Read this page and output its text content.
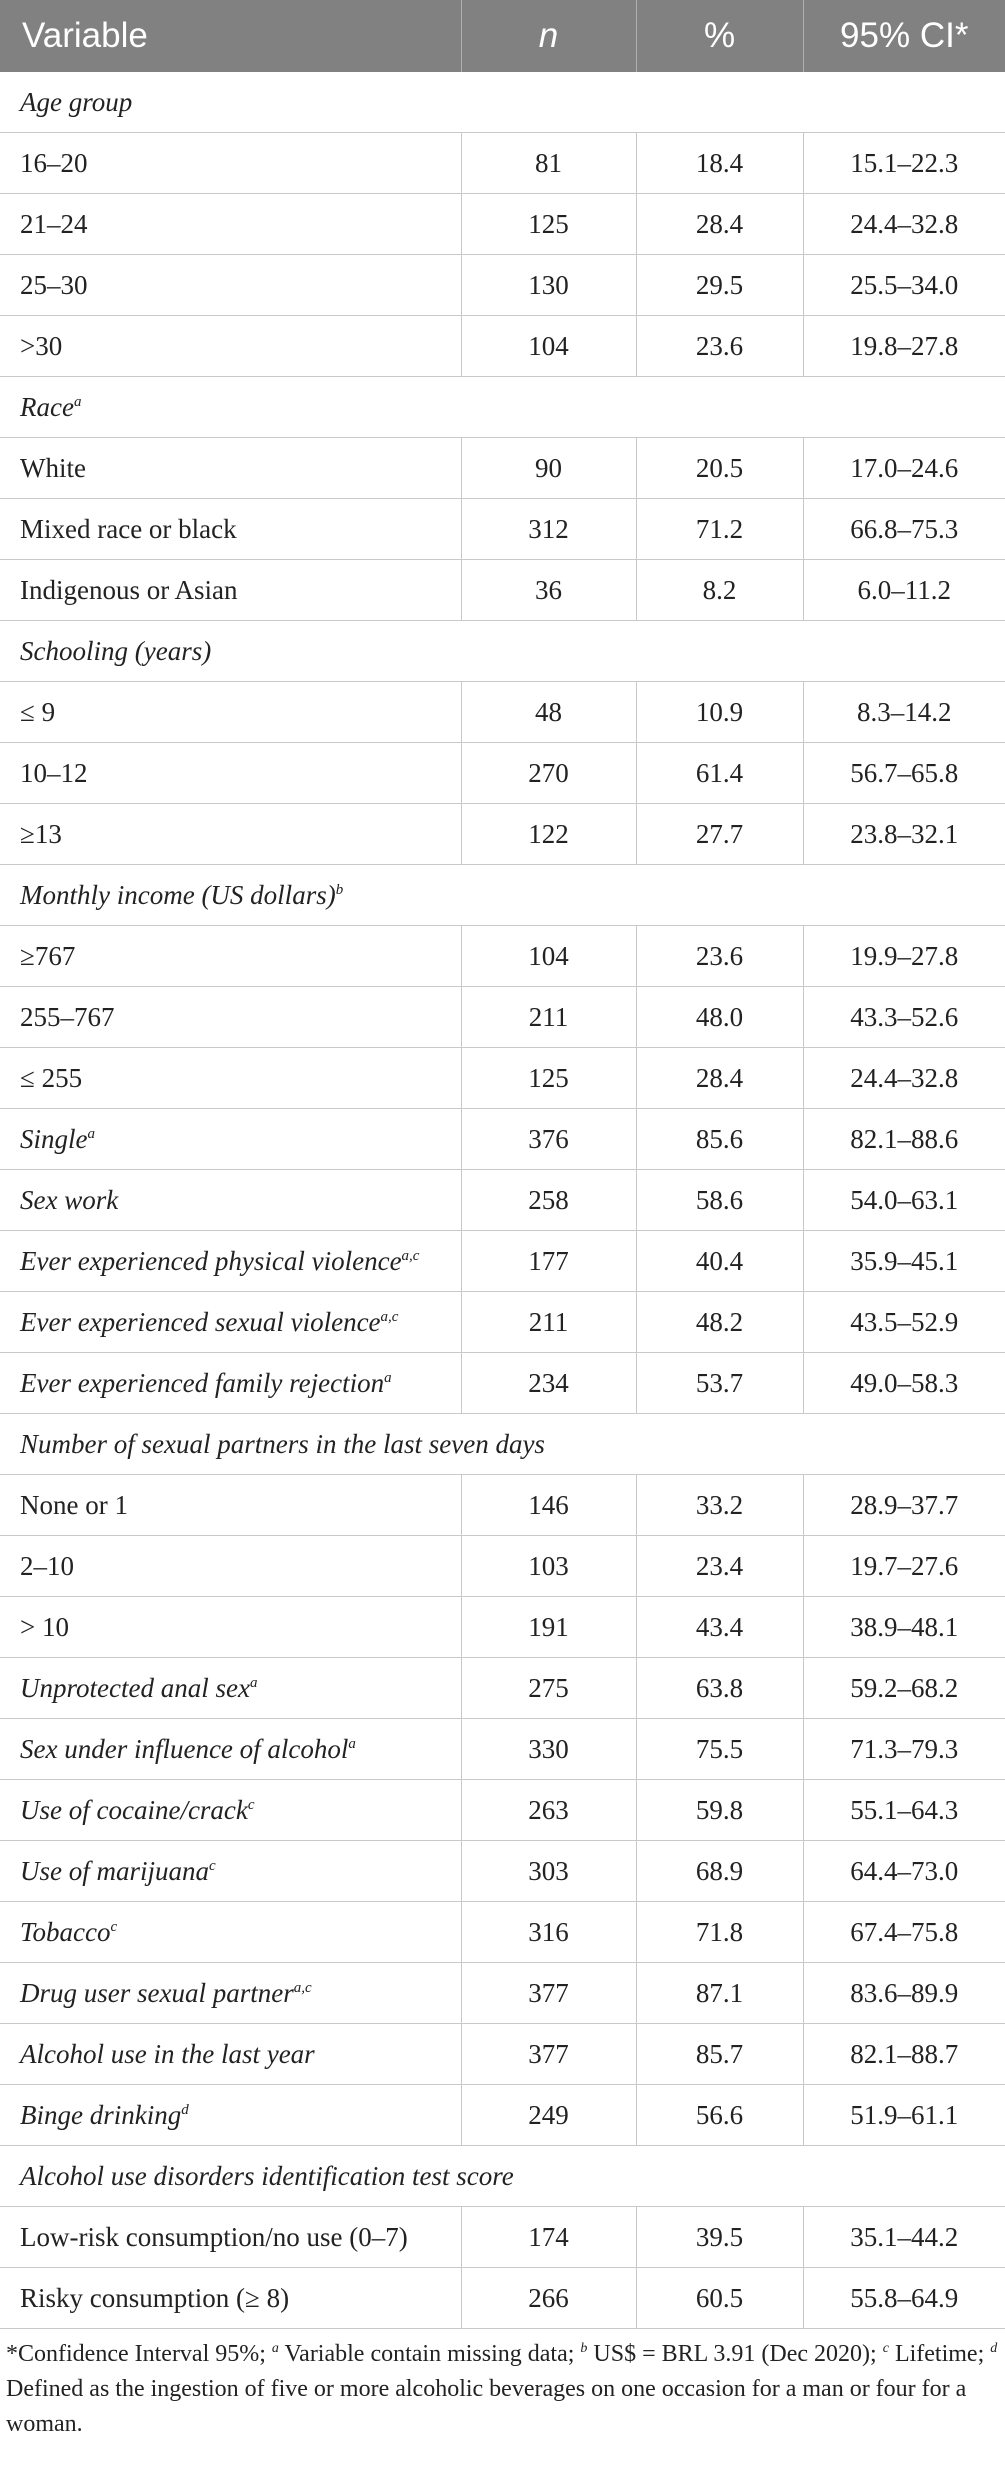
Variable	n	%	95% CI*
Age group			
16–20	81	18.4	15.1–22.3
21–24	125	28.4	24.4–32.8
25–30	130	29.5	25.5–34.0
>30	104	23.6	19.8–27.8
Race$^a$
White	90	20.5	17.0–24.6
Mixed race or black	312	71.2	66.8–75.3
Indigenous or Asian	36	8.2	6.0–11.2
Schooling (years)			
≤ 9	48	10.9	8.3–14.2
10–12	270	61.4	56.7–65.8
≥13	122	27.7	23.8–32.1
Monthly income (US dollars)$^b$
≥767	104	23.6	19.9–27.8
255–767	211	48.0	43.3–52.6
≤ 255	125	28.4	24.4–32.8
Single$^a$	376	85.6	82.1–88.6
Sex work	258	58.6	54.0–63.1
Ever experienced physical violence$^{a,c}$	177	40.4	35.9–45.1
Ever experienced sexual violence$^{a,c}$	211	48.2	43.5–52.9
Ever experienced family rejection$^a$	234	53.7	49.0–58.3
Number of sexual partners in the last seven days			
None or 1	146	33.2	28.9–37.7
2–10	103	23.4	19.7–27.6
> 10	191	43.4	38.9–48.1
Unprotected anal sex$^a$	275	63.8	59.2–68.2
Sex under influence of alcohol$^a$	330	75.5	71.3–79.3
Use of cocaine/crack$^c$	263	59.8	55.1–64.3
Use of marijuana$^c$	303	68.9	64.4–73.0
Tobacco$^c$	316	71.8	67.4–75.8
Drug user sexual partner$^{a,c}$	377	87.1	83.6–89.9
Alcohol use in the last year	377	85.7	82.1–88.7
Binge drinking$^d$	249	56.6	51.9–61.1
Alcohol use disorders identification test score			
Low-risk consumption/no use (0–7)	174	39.5	35.1–44.2
Risky consumption (≥ 8)	266	60.5	55.8–64.9
*Confidence Interval 95%; $^a$ Variable contain missing data; $^b$ US$ = BRL 3.91 (Dec 2020); $^c$ Lifetime; $^d$ Defined as the ingestion of five or more alcoholic beverages on one occasion for a man or four for a woman.
